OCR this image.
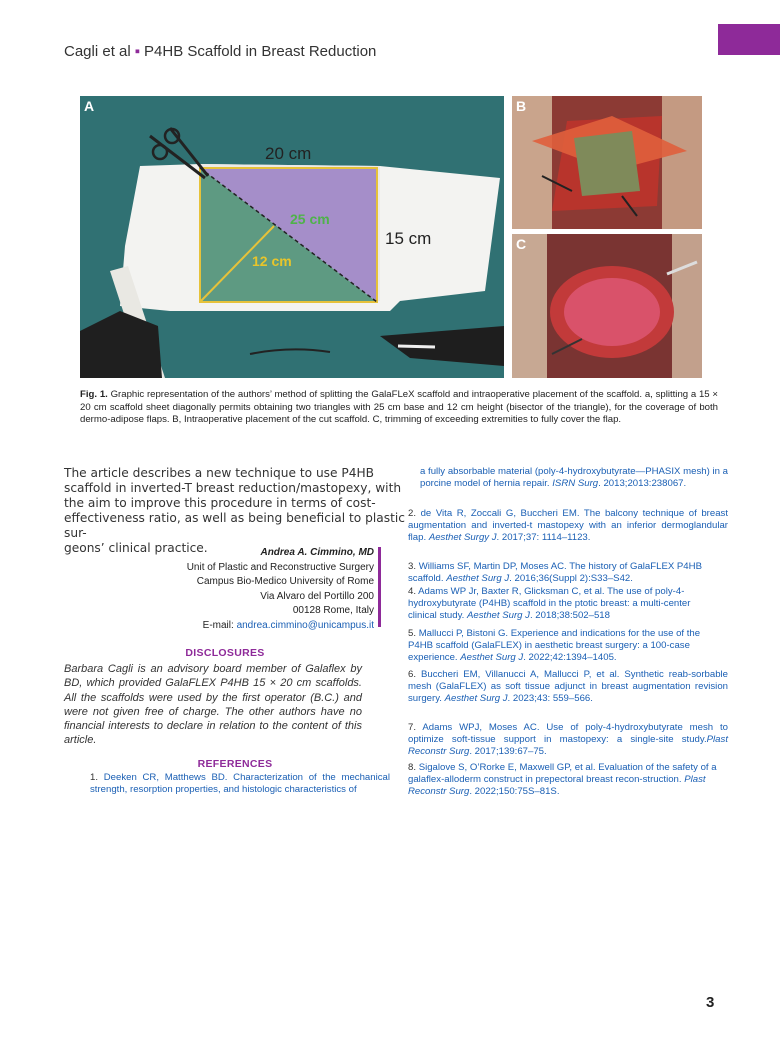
Cagli et al ▪ P4HB Scaffold in Breast Reduction
20 cm
15 cm
25 cm
12 cm
A	B
C
Fig. 1. Graphic representation of the authors’ method of splitting the GalaFLeX scaffold and intraoperative placement of the scaffold. a, splitting a 15 × 20 cm scaffold sheet diagonally permits obtaining two triangles with 25 cm base and 12 cm height (bisector of the triangle), for the coverage of both dermo-adipose flaps. B, Intraoperative placement of the cut scaffold. C, trimming of exceeding extremities to fully cover the flap.
The article describes a new technique to use P4HB
scaffold in inverted-T breast reduction/mastopexy, with
the aim to improve this procedure in terms of cost-
effectiveness ratio, as well as being beneficial to plastic sur-
geons’ clinical practice.	Andrea A. Cimmino, MD
Unit of Plastic and Reconstructive Surgery
Campus Bio-Medico University of Rome
Via Alvaro del Portillo 200
00128 Rome, Italy
E-mail: andrea.cimmino@unicampus.it
DISCLOSURES
Barbara Cagli is an advisory board member of Galaflex by BD, which provided GalaFLEX P4HB 15 × 20 cm scaffolds. All the scaffolds were used by the first operator (B.C.) and were not given free of charge. The other authors have no financial interests to declare in relation to the content of this article.
REFERENCES
1. Deeken CR, Matthews BD. Characterization of the mechanical strength, resorption properties, and histologic characteristics of
a fully absorbable material (poly-4-hydroxybutyrate—PHASIX mesh) in a porcine model of hernia repair. ISRN Surg. 2013;2013:238067.
2. de Vita R, Zoccali G, Buccheri EM. The balcony technique of breast augmentation and inverted-t mastopexy with an inferior dermoglandular flap. Aesthet Surgy J. 2017;37: 1114–1123.
3. Williams SF, Martin DP, Moses AC. The history of GalaFLEX P4HB scaffold. Aesthet Surg J. 2016;36(Suppl 2):S33–S42.
4. Adams WP Jr, Baxter R, Glicksman C, et al. The use of poly-4-hydroxybutyrate (P4HB) scaffold in the ptotic breast: a multi-center clinical study. Aesthet Surg J. 2018;38:502–518
5. Mallucci P, Bistoni G. Experience and indications for the use of the P4HB scaffold (GalaFLEX) in aesthetic breast surgery: a 100-case experience. Aesthet Surg J. 2022;42:1394–1405.
6. Buccheri EM, Villanucci A, Mallucci P, et al. Synthetic reab-sorbable mesh (GalaFLEX) as soft tissue adjunct in breast augmentation revision surgery. Aesthet Surg J. 2023;43: 559–566.
7. Adams WPJ, Moses AC. Use of poly-4-hydroxybutyrate mesh to optimize soft-tissue support in mastopexy: a single-site study.Plast Reconstr Surg. 2017;139:67–75.
8. Sigalove S, O’Rorke E, Maxwell GP, et al. Evaluation of the safety of a galaflex-alloderm construct in prepectoral breast recon-struction. Plast Reconstr Surg. 2022;150:75S–81S.
3
